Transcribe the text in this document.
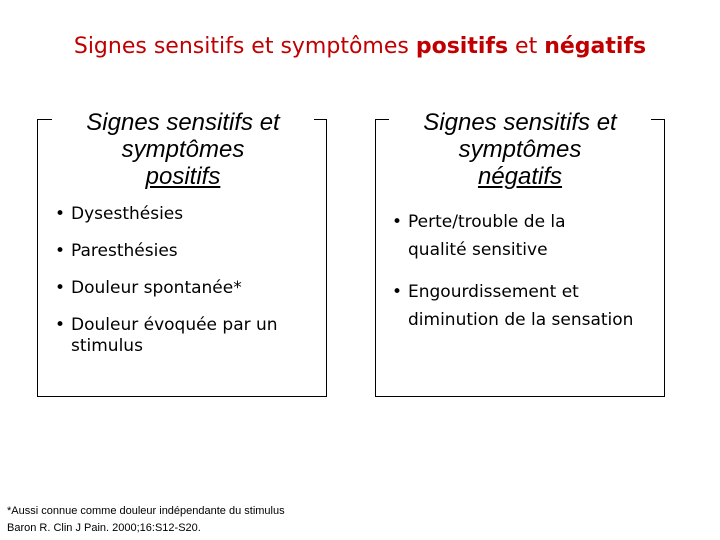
Signes sensitifs et symptômes positifs et négatifs
Signes sensitifs et
symptômes
positifs
Signes sensitifs et
symptômes
négatifs
• Dysesthésies
• Paresthésies
• Douleur spontanée*
• Douleur évoquée par un stimulus
• Perte/trouble de la qualité sensitive
• Engourdissement et diminution de la sensation
*Aussi connue comme douleur indépendante du stimulus
Baron R. Clin J Pain. 2000;16:S12-S20.
